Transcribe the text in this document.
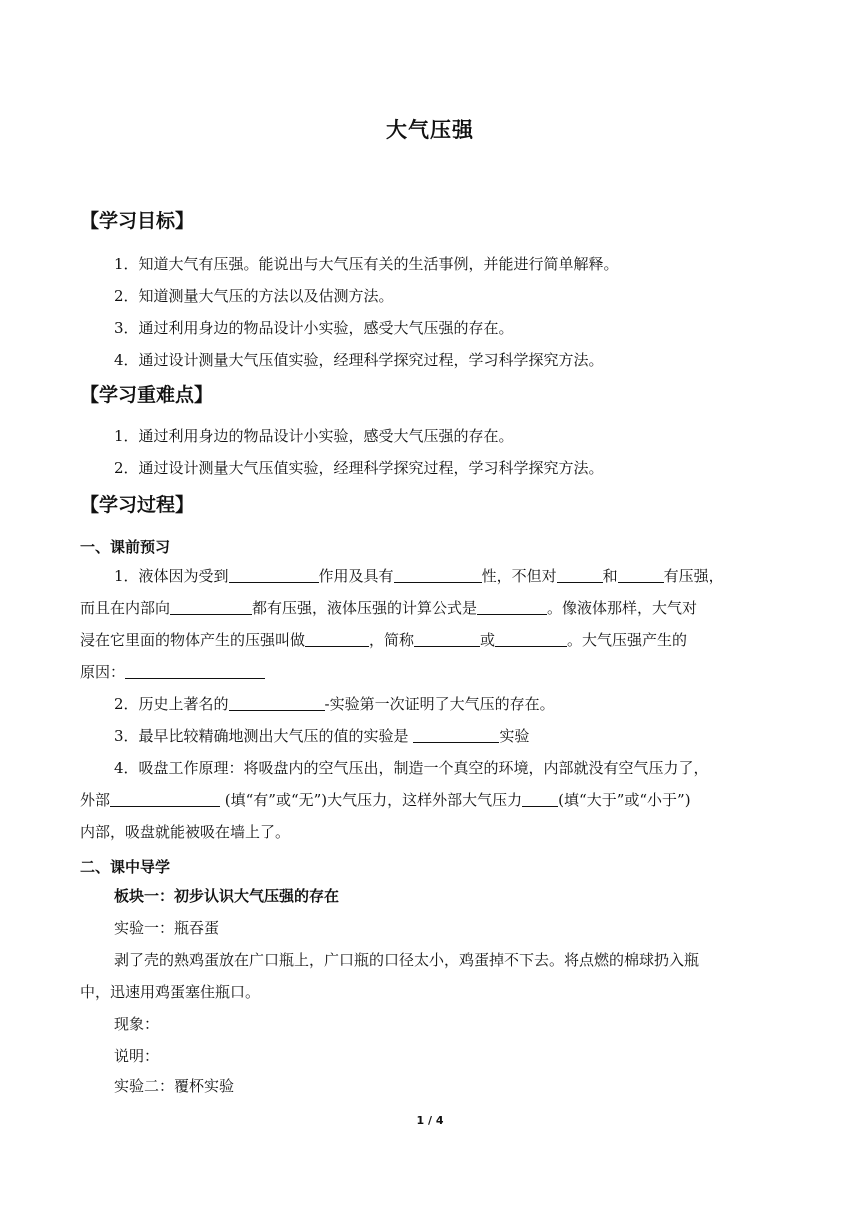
大气压强
【学习目标】
1．知道大气有压强。能说出与大气压有关的生活事例，并能进行简单解释。
2．知道测量大气压的方法以及估测方法。
3．通过利用身边的物品设计小实验，感受大气压强的存在。
4．通过设计测量大气压值实验，经理科学探究过程，学习科学探究方法。
【学习重难点】
1．通过利用身边的物品设计小实验，感受大气压强的存在。
2．通过设计测量大气压值实验，经理科学探究过程，学习科学探究方法。
【学习过程】
一、课前预习
1．液体因为受到	作用及具有	性，不但对	和	有压强，
而且在内部向	都有压强，液体压强的计算公式是	。像液体那样，大气对
浸在它里面的物体产生的压强叫做	，简称	或	。大气压强产生的
原因：
2．历史上著名的	-实验第一次证明了大气压的存在。
3．最早比较精确地测出大气压的值的实验是	实验
4．吸盘工作原理：将吸盘内的空气压出，制造一个真空的环境，内部就没有空气压力了，
外部	(填“有”或“无”)大气压力，这样外部大气压力 (填“大于”或“小于”)
内部，吸盘就能被吸在墙上了。
二、课中导学
板块一：初步认识大气压强的存在
实验一：瓶吞蛋
剥了壳的熟鸡蛋放在广口瓶上，广口瓶的口径太小，鸡蛋掉不下去。将点燃的棉球扔入瓶
中，迅速用鸡蛋塞住瓶口。
现象：
说明：
实验二：覆杯实验
1 / 4
